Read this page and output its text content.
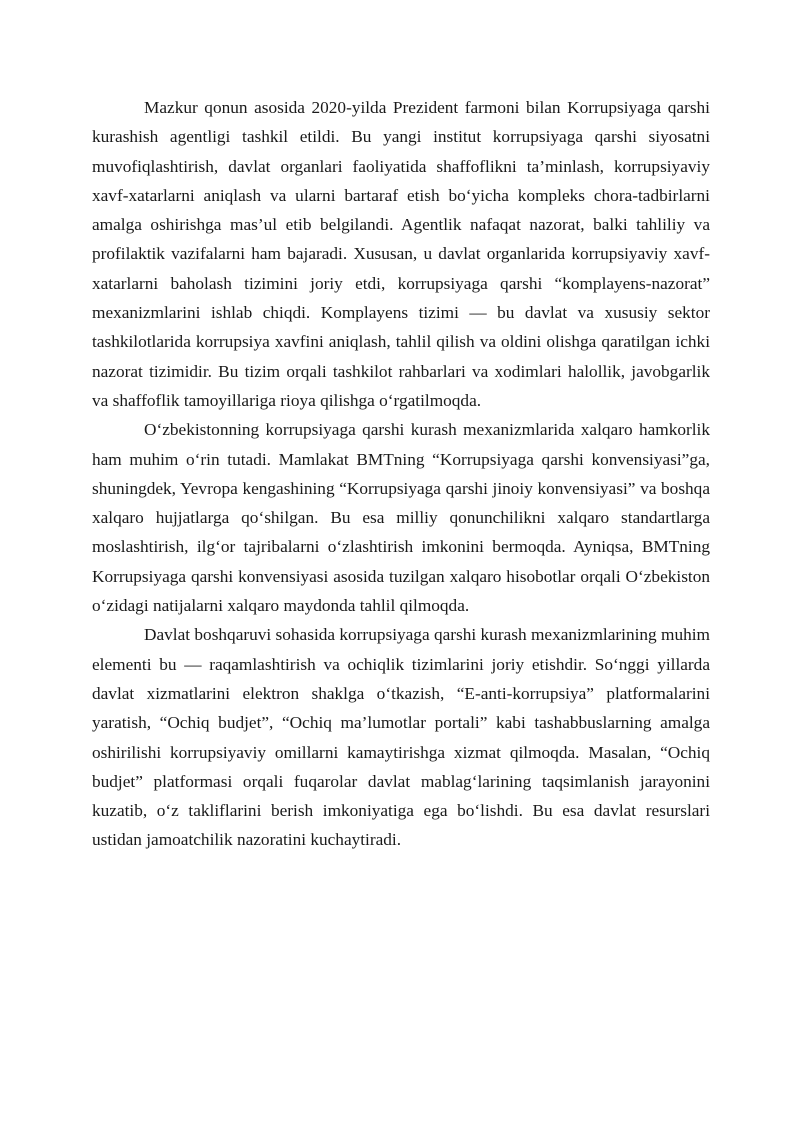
Mazkur qonun asosida 2020-yilda Prezident farmoni bilan Korrupsiyaga qarshi kurashish agentligi tashkil etildi. Bu yangi institut korrupsiyaga qarshi siyosatni muvofiqlashtirish, davlat organlari faoliyatida shaffoflikni ta’minlash, korrupsiyaviy xavf-xatarlarni aniqlash va ularni bartaraf etish bo‘yicha kompleks chora-tadbirlarni amalga oshirishga mas’ul etib belgilandi. Agentlik nafaqat nazorat, balki tahliliy va profilaktik vazifalarni ham bajaradi. Xususan, u davlat organlarida korrupsiyaviy xavf-xatarlarni baholash tizimini joriy etdi, korrupsiyaga qarshi “komplayens-nazorat” mexanizmlarini ishlab chiqdi. Komplayens tizimi — bu davlat va xususiy sektor tashkilotlarida korrupsiya xavfini aniqlash, tahlil qilish va oldini olishga qaratilgan ichki nazorat tizimidir. Bu tizim orqali tashkilot rahbarlari va xodimlari halollik, javobgarlik va shaffoflik tamoyillariga rioya qilishga o‘rgatilmoqda.

O‘zbekistonning korrupsiyaga qarshi kurash mexanizmlarida xalqaro hamkorlik ham muhim o‘rin tutadi. Mamlakat BMTning “Korrupsiyaga qarshi konvensiyasi”ga, shuningdek, Yevropa kengashining “Korrupsiyaga qarshi jinoiy konvensiyasi” va boshqa xalqaro hujjatlarga qo‘shilgan. Bu esa milliy qonunchilikni xalqaro standartlarga moslashtirish, ilg‘or tajribalarni o‘zlashtirish imkonini bermoqda. Ayniqsa, BMTning Korrupsiyaga qarshi konvensiyasi asosida tuzilgan xalqaro hisobotlar orqali O‘zbekiston o‘zidagi natijalarni xalqaro maydonda tahlil qilmoqda.

Davlat boshqaruvi sohasida korrupsiyaga qarshi kurash mexanizmlarining muhim elementi bu — raqamlashtirish va ochiqlik tizimlarini joriy etishdir. So‘nggi yillarda davlat xizmatlarini elektron shaklga o‘tkazish, “E-anti-korrupsiya” platformalarini yaratish, “Ochiq budjet”, “Ochiq ma’lumotlar portali” kabi tashabbuslarning amalga oshirilishi korrupsiyaviy omillarni kamaytirishga xizmat qilmoqda. Masalan, “Ochiq budjet” platformasi orqali fuqarolar davlat mablag‘larining taqsimlanish jarayonini kuzatib, o‘z takliflarini berish imkoniyatiga ega bo‘lishdi. Bu esa davlat resurslari ustidan jamoatchilik nazoratini kuchaytiradi.
